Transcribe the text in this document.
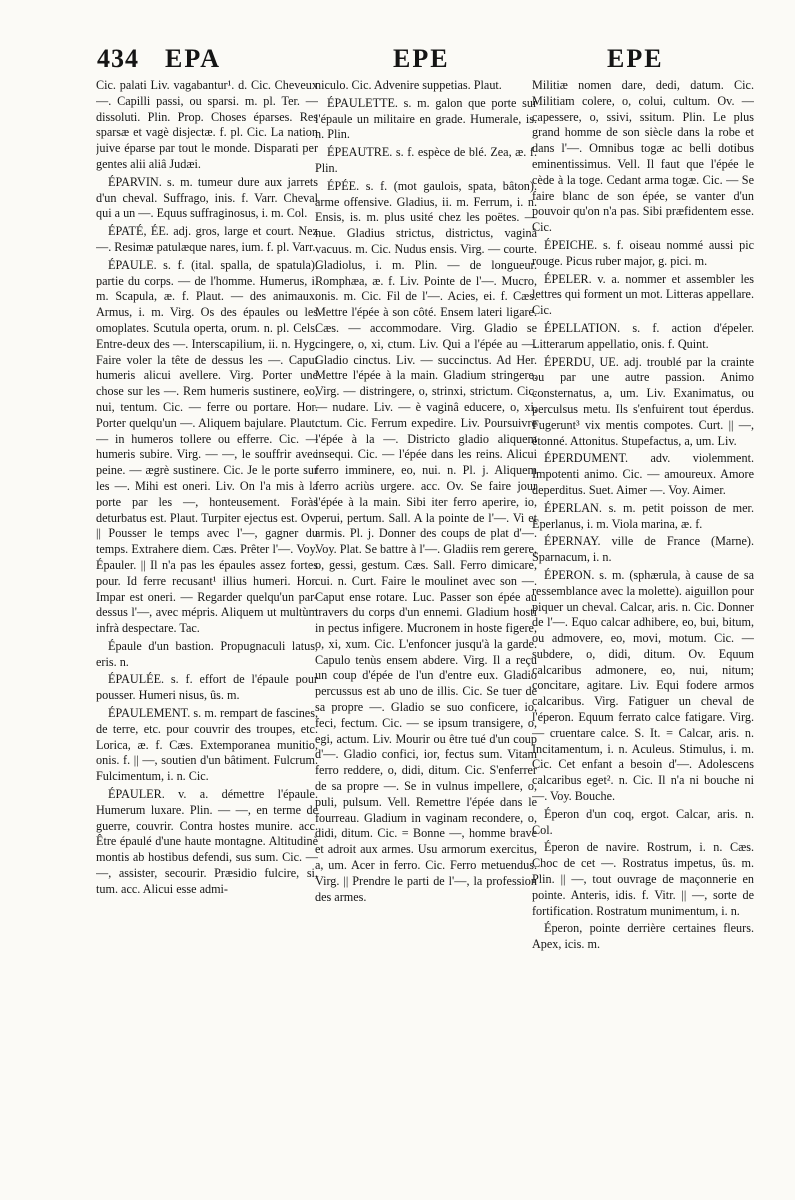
434 EPA	EPE	EPE

Cic. palati Liv. vagabantur¹. d. Cic. Cheveux —. Capilli passi, ou sparsi. m. pl. Ter. — dissoluti. Plin. Prop. Choses éparses. Res sparsæ et vagè disjectæ. f. pl. Cic. La nation juive éparse par tout le monde. Disparati per gentes alii aliâ Judæi.

ÉPARVIN. s. m. tumeur dure aux jarrets d'un cheval. Suffrago, inis. f. Varr. Cheval qui a un —. Equus suffraginosus, i. m. Col.

ÉPATÉ, ÉE. adj. gros, large et court. Nez —. Resimæ patulæque nares, ium. f. pl. Varr.

ÉPAULE. s. f. (ital. spalla, de spatula). partie du corps. — de l'homme. Humerus, i. m. Scapula, æ. f. Plaut. — des animaux. Armus, i. m. Virg. Os des épaules ou les omoplates. Scutula operta, orum. n. pl. Cels. Entre-deux des —. Interscapilium, ii. n. Hyg. Faire voler la tête de dessus les —. Caput humeris alicui avellere. Virg. Porter une chose sur les —. Rem humeris sustinere, eo, nui, tentum. Cic. — ferre ou portare. Hor. Porter quelqu'un —. Aliquem bajulare. Plaut. — in humeros tollere ou efferre. Cic. — humeris subire. Virg. — —, le souffrir avec peine. — ægrè sustinere. Cic. Je le porte sur les —. Mihi est oneri. Liv. On l'a mis à la porte par les —, honteusement. Foràs deturbatus est. Plaut. Turpiter ejectus est. Ov. || Pousser le temps avec l'—, gagner du temps. Extrahere diem. Cæs. Prêter l'—. Voy. Épauler. || Il n'a pas les épaules assez fortes pour. Id ferre recusant¹ illius humeri. Hor. Impar est oneri. — Regarder quelqu'un par-dessus l'—, avec mépris. Aliquem ut multùm infrà despectare. Tac.

Épaule d'un bastion. Propugnaculi latus, eris. n.

ÉPAULÉE. s. f. effort de l'épaule pour pousser. Humeri nisus, ûs. m.

ÉPAULEMENT. s. m. rempart de fascines, de terre, etc. pour couvrir des troupes, etc. Lorica, æ. f. Cæs. Extemporanea munitio, onis. f. || —, soutien d'un bâtiment. Fulcrum. Fulcimentum, i. n. Cic.

ÉPAULER. v. a. démettre l'épaule. Humerum luxare. Plin. — —, en terme de guerre, couvrir. Contra hostes munire. acc. Être épaulé d'une haute montagne. Altitudinè montis ab hostibus defendi, sus sum. Cic. — —, assister, secourir. Præsidio fulcire, si, tum. acc. Alicui esse admi-

niculo. Cic. Advenire suppetias. Plaut.

ÉPAULETTE. s. m. galon que porte sur l'épaule un militaire en grade. Humerale, is. n. Plin.

ÉPEAUTRE. s. f. espèce de blé. Zea, æ. f. Plin.

ÉPÉE. s. f. (mot gaulois, spata, bâton). arme offensive. Gladius, ii. m. Ferrum, i. n. Ensis, is. m. plus usité chez les poëtes. — nue. Gladius strictus, districtus, vaginâ vacuus. m. Cic. Nudus ensis. Virg. — courte. Gladiolus, i. m. Plin. — de longueur. Romphæa, æ. f. Liv. Pointe de l'—. Mucro, onis. m. Cic. Fil de l'—. Acies, ei. f. Cæs. Mettre l'épée à son côté. Ensem lateri ligare. Cæs. — accommodare. Virg. Gladio se cingere, o, xi, ctum. Liv. Qui a l'épée au —. Gladio cinctus. Liv. — succinctus. Ad Her. Mettre l'épée à la main. Gladium stringere. Virg. — distringere, o, strinxi, strictum. Cic. — nudare. Liv. — è vaginâ educere, o, xi, ctum. Cic. Ferrum expedire. Liv. Poursuivre l'épée à la —. Districto gladio aliquem insequi. Cic. — l'épée dans les reins. Alicui ferro imminere, eo, nui. n. Pl. j. Aliquem ferro acriùs urgere. acc. Ov. Se faire jour l'épée à la main. Sibi iter ferro aperire, io, perui, pertum. Sall. A la pointe de l'—. Vi et armis. Pl. j. Donner des coups de plat d'—. Voy. Plat. Se battre à l'—. Gladiis rem gerere, o, gessi, gestum. Cæs. Sall. Ferro dimicare, cui. n. Curt. Faire le moulinet avec son —. Caput ense rotare. Luc. Passer son épée au travers du corps d'un ennemi. Gladium hosti in pectus infigere. Mucronem in hoste figere, o, xi, xum. Cic. L'enfoncer jusqu'à la garde. Capulo tenùs ensem abdere. Virg. Il a reçu un coup d'épée de l'un d'entre eux. Gladio percussus est ab uno de illis. Cic. Se tuer de sa propre —. Gladio se suo conficere, io, feci, fectum. Cic. — se ipsum transigere, o, egi, actum. Liv. Mourir ou être tué d'un coup d'—. Gladio confici, ior, fectus sum. Vitam ferro reddere, o, didi, ditum. Cic. S'enferrer de sa propre —. Se in vulnus impellere, o, puli, pulsum. Vell. Remettre l'épée dans le fourreau. Gladium in vaginam recondere, o, didi, ditum. Cic. = Bonne —, homme brave et adroit aux armes. Usu armorum exercitus, a, um. Acer in ferro. Cic. Ferro metuendus. Virg. || Prendre le parti de l'—, la profession des armes.

Militiæ nomen dare, dedi, datum. Cic. Militiam colere, o, colui, cultum. Ov. — capessere, o, ssivi, ssitum. Plin. Le plus grand homme de son siècle dans la robe et dans l'—. Omnibus togæ ac belli dotibus eminentissimus. Vell. Il faut que l'épée le cède à la toge. Cedant arma togæ. Cic. — Se faire blanc de son épée, se vanter d'un pouvoir qu'on n'a pas. Sibi præfidentem esse. Cic.

ÉPEICHE. s. f. oiseau nommé aussi pic rouge. Picus ruber major, g. pici. m.

ÉPELER. v. a. nommer et assembler les lettres qui forment un mot. Litteras appellare. Cic.

ÉPELLATION. s. f. action d'épeler. Litterarum appellatio, onis. f. Quint.

ÉPERDU, UE. adj. troublé par la crainte ou par une autre passion. Animo consternatus, a, um. Liv. Exanimatus, ou perculsus metu. Ils s'enfuirent tout éperdus. Fugerunt³ vix mentis compotes. Curt. || —, étonné. Attonitus. Stupefactus, a, um. Liv.

ÉPERDUMENT. adv. violemment. Impotenti animo. Cic. — amoureux. Amore deperditus. Suet. Aimer —. Voy. Aimer.

ÉPERLAN. s. m. petit poisson de mer. Eperlanus, i. m. Viola marina, æ. f.

ÉPERNAY. ville de France (Marne). Sparnacum, i. n.

ÉPERON. s. m. (sphærula, à cause de sa ressemblance avec la molette). aiguillon pour piquer un cheval. Calcar, aris. n. Cic. Donner de l'—. Equo calcar adhibere, eo, bui, bitum, ou admovere, eo, movi, motum. Cic. — subdere, o, didi, ditum. Ov. Equum calcaribus admonere, eo, nui, nitum; concitare, agitare. Liv. Equi fodere armos calcaribus. Virg. Fatiguer un cheval de l'éperon. Equum ferrato calce fatigare. Virg. — cruentare calce. S. It. = Calcar, aris. n. Incitamentum, i. n. Aculeus. Stimulus, i. m. Cic. Cet enfant a besoin d'—. Adolescens calcaribus eget². n. Cic. Il n'a ni bouche ni —. Voy. Bouche.

Éperon d'un coq, ergot. Calcar, aris. n. Col.

Éperon de navire. Rostrum, i. n. Cæs. Choc de cet —. Rostratus impetus, ûs. m. Plin. || —, tout ouvrage de maçonnerie en pointe. Anteris, idis. f. Vitr. || —, sorte de fortification. Rostratum munimentum, i. n.

Éperon, pointe derrière certaines fleurs. Apex, icis. m.
